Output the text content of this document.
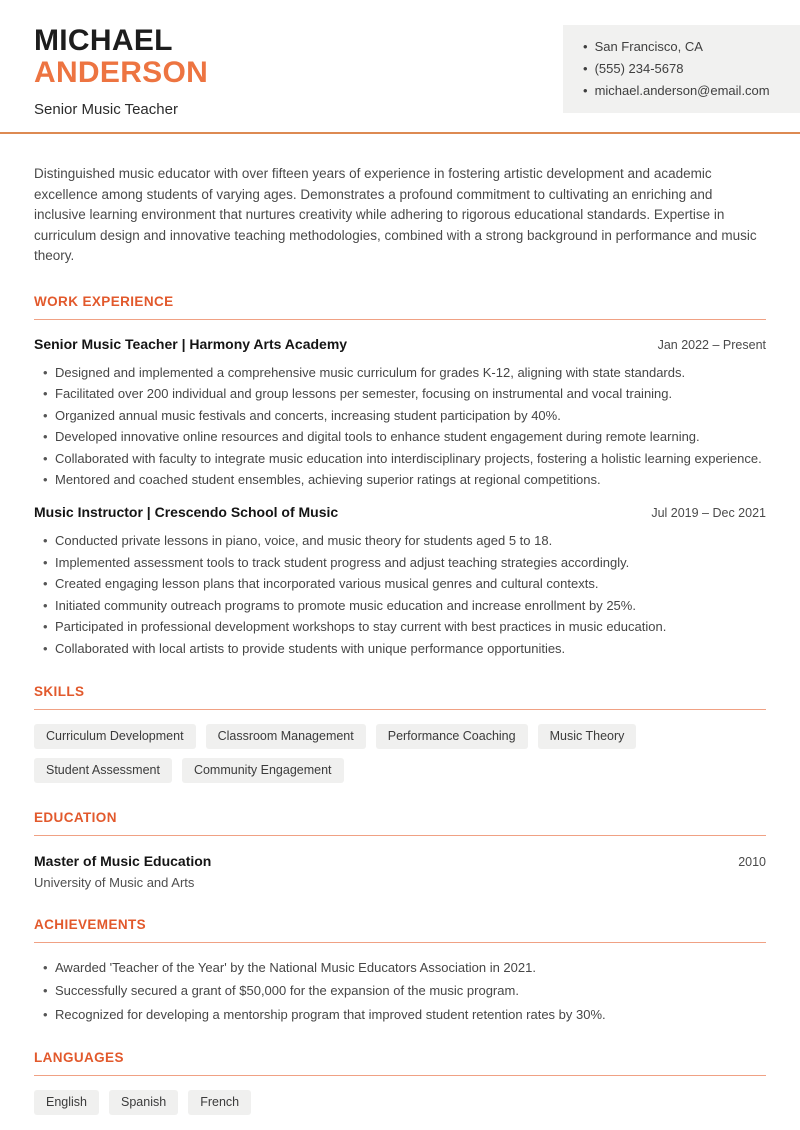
MICHAEL
ANDERSON
Senior Music Teacher
• San Francisco, CA
• (555) 234-5678
• michael.anderson@email.com

Distinguished music educator with over fifteen years of experience in fostering artistic development and academic excellence among students of varying ages. Demonstrates a profound commitment to cultivating an enriching and inclusive learning environment that nurtures creativity while adhering to rigorous educational standards. Expertise in curriculum design and innovative teaching methodologies, combined with a strong background in performance and music theory.

WORK EXPERIENCE
Senior Music Teacher | Harmony Arts Academy	Jan 2022 – Present
• Designed and implemented a comprehensive music curriculum for grades K-12, aligning with state standards.
• Facilitated over 200 individual and group lessons per semester, focusing on instrumental and vocal training.
• Organized annual music festivals and concerts, increasing student participation by 40%.
• Developed innovative online resources and digital tools to enhance student engagement during remote learning.
• Collaborated with faculty to integrate music education into interdisciplinary projects, fostering a holistic learning experience.
• Mentored and coached student ensembles, achieving superior ratings at regional competitions.
Music Instructor | Crescendo School of Music	Jul 2019 – Dec 2021
• Conducted private lessons in piano, voice, and music theory for students aged 5 to 18.
• Implemented assessment tools to track student progress and adjust teaching strategies accordingly.
• Created engaging lesson plans that incorporated various musical genres and cultural contexts.
• Initiated community outreach programs to promote music education and increase enrollment by 25%.
• Participated in professional development workshops to stay current with best practices in music education.
• Collaborated with local artists to provide students with unique performance opportunities.
SKILLS
Curriculum Development	Classroom Management	Performance Coaching	Music Theory
Student Assessment	Community Engagement
EDUCATION
Master of Music Education	2010
University of Music and Arts
ACHIEVEMENTS
• Awarded 'Teacher of the Year' by the National Music Educators Association in 2021.
• Successfully secured a grant of $50,000 for the expansion of the music program.
• Recognized for developing a mentorship program that improved student retention rates by 30%.
LANGUAGES
English	Spanish	French
